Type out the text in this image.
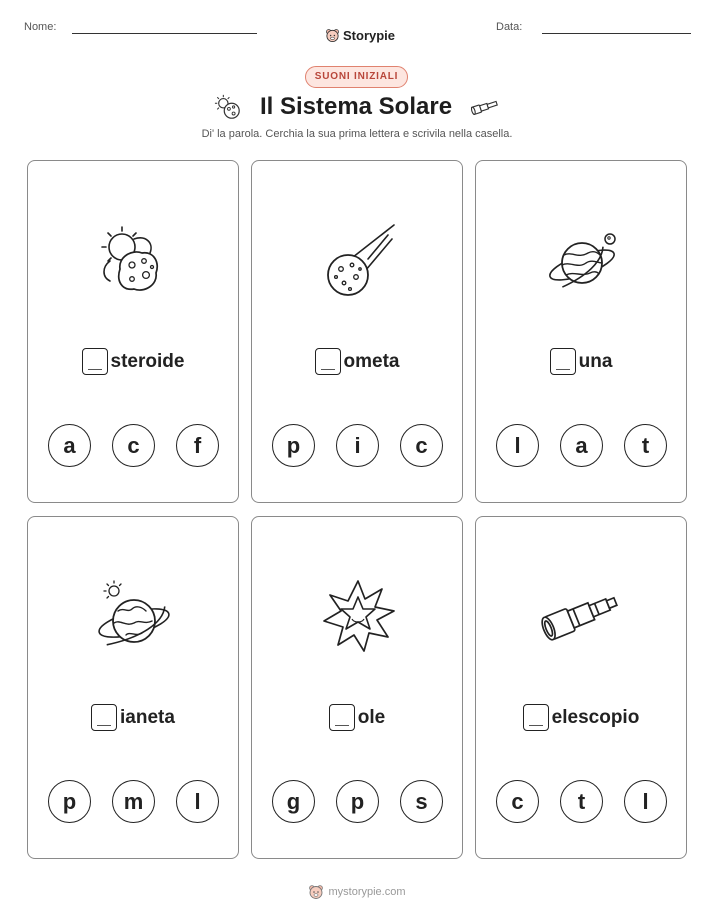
Nome:
Storypie
Data:
SUONI INIZIALI
Il Sistema Solare
Di' la parola. Cerchia la sua prima lettera e scrivila nella casella.
steroide
a	c	f
ometa
p	i	c
una
l	a	t
ianeta
p	m	l
ole
g	p	s
elescopio
c	t	l
mystorypie.com
